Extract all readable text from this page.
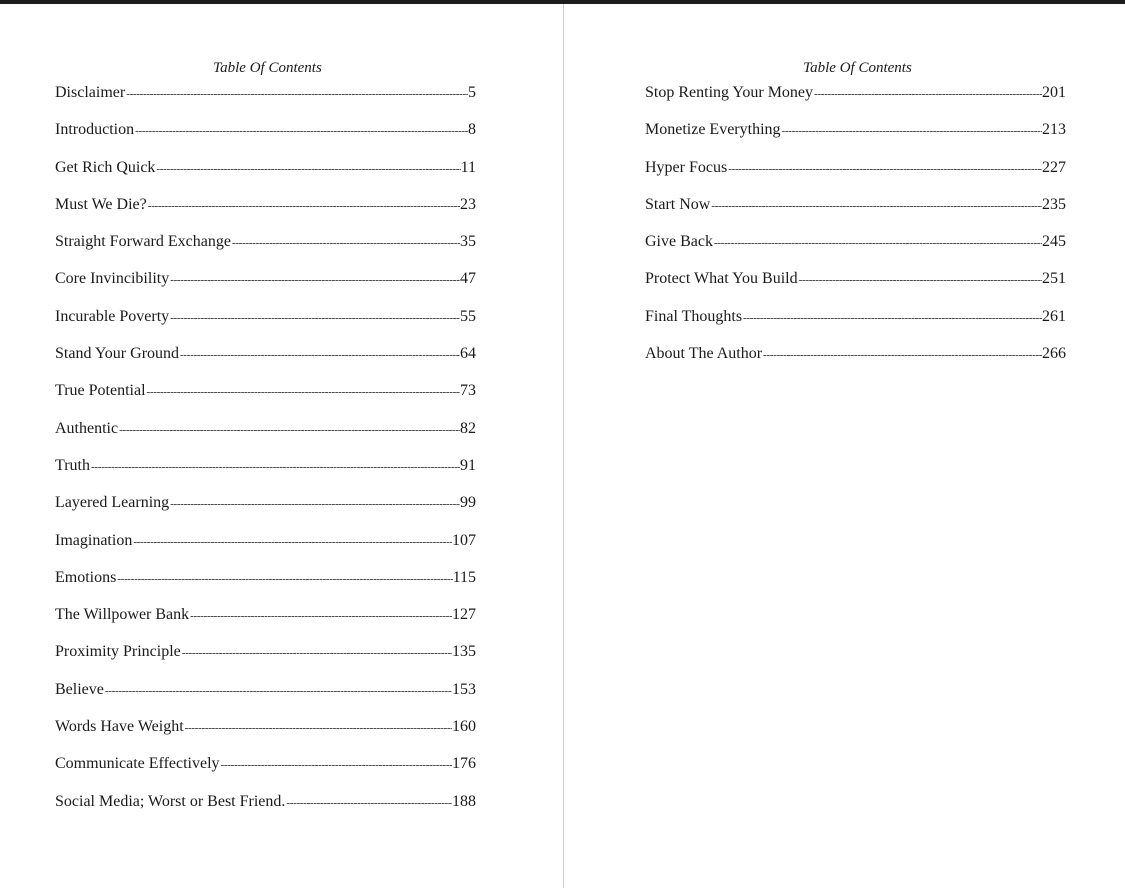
Table Of Contents
Disclaimer -----	5
Introduction -----	8
Get Rich Quick -----	11
Must We Die? -----	23
Straight Forward Exchange -----	35
Core Invincibility -----	47
Incurable Poverty -----	55
Stand Your Ground -----	64
True Potential -----	73
Authentic -----	82
Truth -----	91
Layered Learning -----	99
Imagination -----	107
Emotions -----	115
The Willpower Bank -----	127
Proximity Principle -----	135
Believe -----	153
Words Have Weight -----	160
Communicate Effectively -----	176
Social Media; Worst or Best Friend. -----	188
Table Of Contents
Stop Renting Your Money -----	201
Monetize Everything -----	213
Hyper Focus -----	227
Start Now -----	235
Give Back -----	245
Protect What You Build -----	251
Final Thoughts -----	261
About The Author -----	266
